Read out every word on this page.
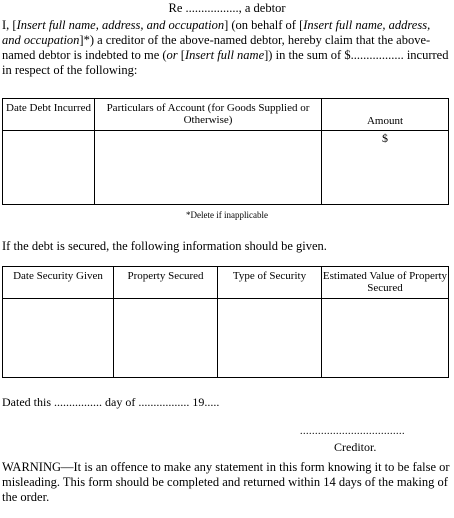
Re ................., a debtor
I, [Insert full name, address, and occupation] (on behalf of [Insert full name, address, and occupation]*) a creditor of the above-named debtor, hereby claim that the above-named debtor is indebted to me (or [Insert full name]) in the sum of $................. incurred in respect of the following:
Date Debt Incurred	Particulars of Account (for Goods Supplied or Otherwise)	Amount
		$
*Delete if inapplicable
If the debt is secured, the following information should be given.
Date Security Given	Property Secured	Type of Security	Estimated Value of Property Secured

Dated this ................ day of ................. 19.....
...................................
Creditor.
WARNING—It is an offence to make any statement in this form knowing it to be false or misleading. This form should be completed and returned within 14 days of the making of the order.
